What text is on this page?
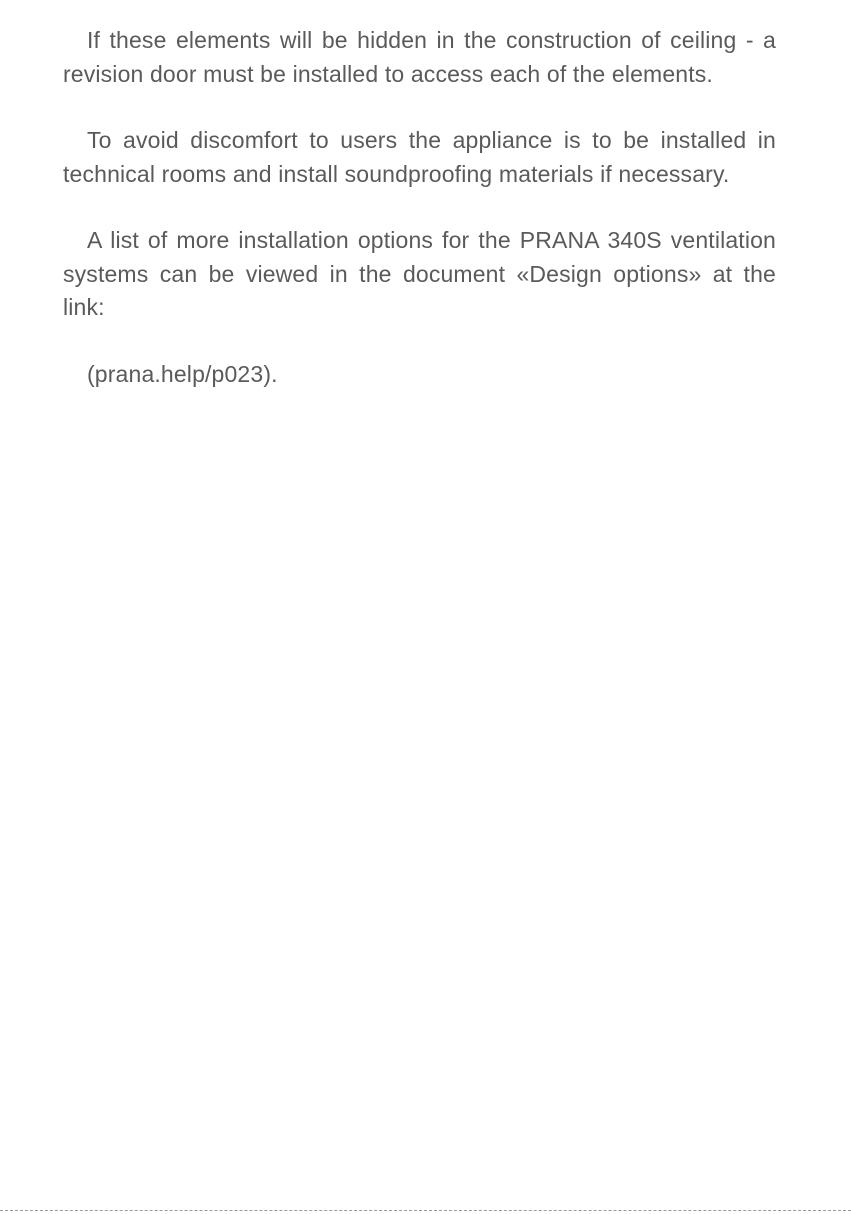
If these elements will be hidden in the construction of ceiling - a revision door must be installed to access each of the elements.

To avoid discomfort to users the appliance is to be installed in technical rooms and install soundproofing materials if necessary.

A list of more installation options for the PRANA 340S ventilation systems can be viewed in the document «Design options» at the link:

(prana.help/p023).
